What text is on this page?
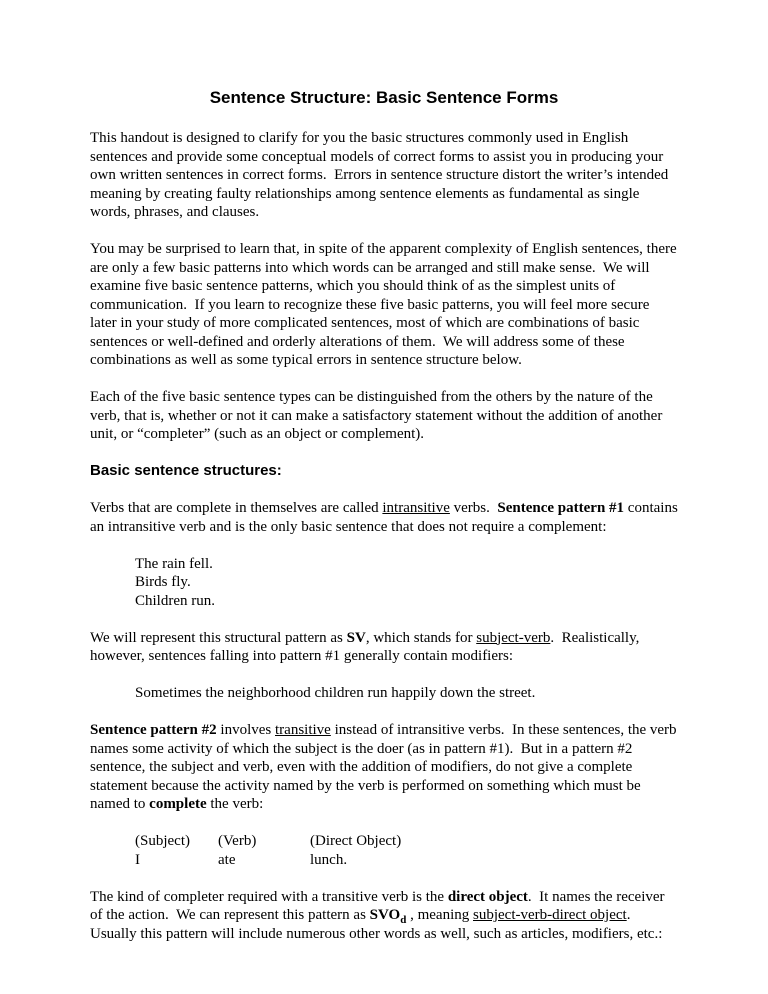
Sentence Structure: Basic Sentence Forms

This handout is designed to clarify for you the basic structures commonly used in English sentences and provide some conceptual models of correct forms to assist you in producing your own written sentences in correct forms.  Errors in sentence structure distort the writer’s intended meaning by creating faulty relationships among sentence elements as fundamental as single words, phrases, and clauses.

You may be surprised to learn that, in spite of the apparent complexity of English sentences, there are only a few basic patterns into which words can be arranged and still make sense.  We will examine five basic sentence patterns, which you should think of as the simplest units of communication.  If you learn to recognize these five basic patterns, you will feel more secure later in your study of more complicated sentences, most of which are combinations of basic sentences or well-defined and orderly alterations of them.  We will address some of these combinations as well as some typical errors in sentence structure below.

Each of the five basic sentence types can be distinguished from the others by the nature of the verb, that is, whether or not it can make a satisfactory statement without the addition of another unit, or “completer” (such as an object or complement).

Basic sentence structures:

Verbs that are complete in themselves are called intransitive verbs.  Sentence pattern #1 contains an intransitive verb and is the only basic sentence that does not require a complement:

The rain fell.
Birds fly.
Children run.

We will represent this structural pattern as SV, which stands for subject-verb.  Realistically, however, sentences falling into pattern #1 generally contain modifiers:

Sometimes the neighborhood children run happily down the street.

Sentence pattern #2 involves transitive instead of intransitive verbs.  In these sentences, the verb names some activity of which the subject is the doer (as in pattern #1).  But in a pattern #2 sentence, the subject and verb, even with the addition of modifiers, do not give a complete statement because the activity named by the verb is performed on something which must be named to complete the verb:

(Subject) (Verb)	(Direct Object)
I	ate	lunch.

The kind of completer required with a transitive verb is the direct object.  It names the receiver of the action.  We can represent this pattern as $SVO_d$ , meaning subject-verb-direct object.  Usually this pattern will include numerous other words as well, such as articles, modifiers, etc.:
